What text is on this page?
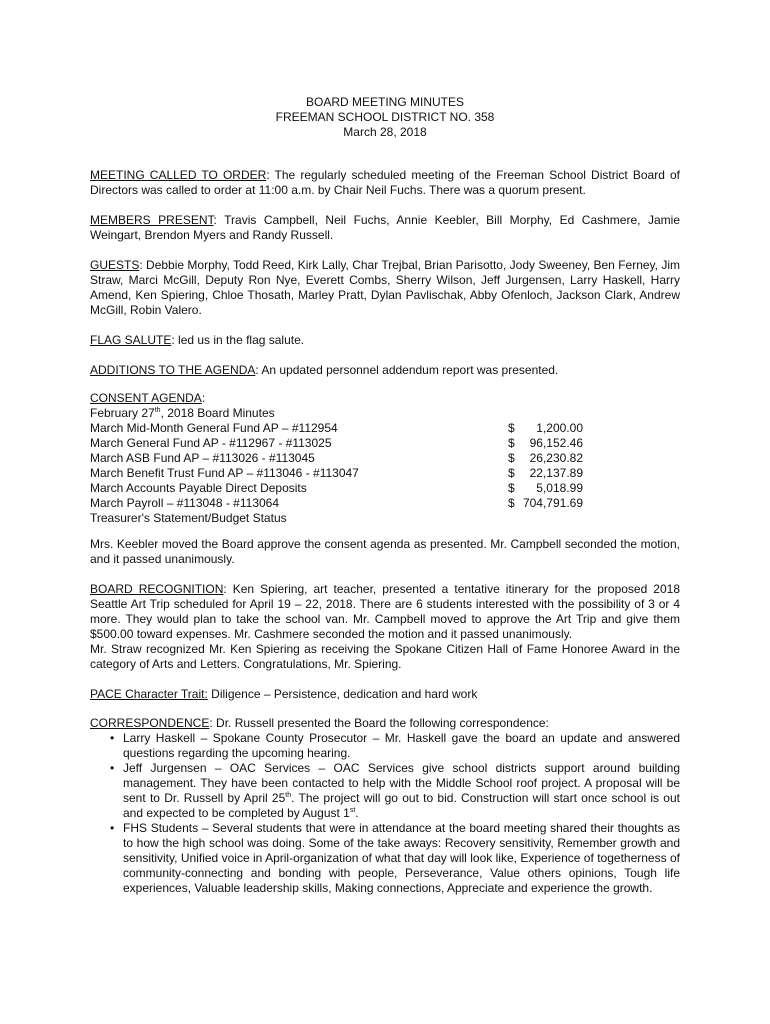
BOARD MEETING MINUTES
FREEMAN SCHOOL DISTRICT NO. 358
March 28, 2018
MEETING CALLED TO ORDER: The regularly scheduled meeting of the Freeman School District Board of Directors was called to order at 11:00 a.m. by Chair Neil Fuchs. There was a quorum present.
MEMBERS PRESENT: Travis Campbell, Neil Fuchs, Annie Keebler, Bill Morphy, Ed Cashmere, Jamie Weingart, Brendon Myers and Randy Russell.
GUESTS: Debbie Morphy, Todd Reed, Kirk Lally, Char Trejbal, Brian Parisotto, Jody Sweeney, Ben Ferney, Jim Straw, Marci McGill, Deputy Ron Nye, Everett Combs, Sherry Wilson, Jeff Jurgensen, Larry Haskell, Harry Amend, Ken Spiering, Chloe Thosath, Marley Pratt, Dylan Pavlischak, Abby Ofenloch, Jackson Clark, Andrew McGill, Robin Valero.
FLAG SALUTE: led us in the flag salute.
ADDITIONS TO THE AGENDA: An updated personnel addendum report was presented.
CONSENT AGENDA:
February 27th, 2018 Board Minutes
March Mid-Month General Fund AP – #112954	$ 1,200.00
March General Fund AP - #112967 - #113025	$ 96,152.46
March ASB Fund AP – #113026 - #113045	$ 26,230.82
March Benefit Trust Fund AP – #113046 - #113047	$ 22,137.89
March Accounts Payable Direct Deposits	$ 5,018.99
March Payroll – #113048 - #113064	$ 704,791.69
Treasurer's Statement/Budget Status
Mrs. Keebler moved the Board approve the consent agenda as presented. Mr. Campbell seconded the motion, and it passed unanimously.
BOARD RECOGNITION: Ken Spiering, art teacher, presented a tentative itinerary for the proposed 2018 Seattle Art Trip scheduled for April 19 – 22, 2018. There are 6 students interested with the possibility of 3 or 4 more. They would plan to take the school van. Mr. Campbell moved to approve the Art Trip and give them $500.00 toward expenses. Mr. Cashmere seconded the motion and it passed unanimously.
Mr. Straw recognized Mr. Ken Spiering as receiving the Spokane Citizen Hall of Fame Honoree Award in the category of Arts and Letters. Congratulations, Mr. Spiering.
PACE Character Trait: Diligence – Persistence, dedication and hard work
CORRESPONDENCE: Dr. Russell presented the Board the following correspondence:
• Larry Haskell – Spokane County Prosecutor – Mr. Haskell gave the board an update and answered questions regarding the upcoming hearing.
• Jeff Jurgensen – OAC Services – OAC Services give school districts support around building management. They have been contacted to help with the Middle School roof project. A proposal will be sent to Dr. Russell by April 25th. The project will go out to bid. Construction will start once school is out and expected to be completed by August 1st.
• FHS Students – Several students that were in attendance at the board meeting shared their thoughts as to how the high school was doing. Some of the take aways: Recovery sensitivity, Remember growth and sensitivity, Unified voice in April-organization of what that day will look like, Experience of togetherness of community-connecting and bonding with people, Perseverance, Value others opinions, Tough life experiences, Valuable leadership skills, Making connections, Appreciate and experience the growth.
